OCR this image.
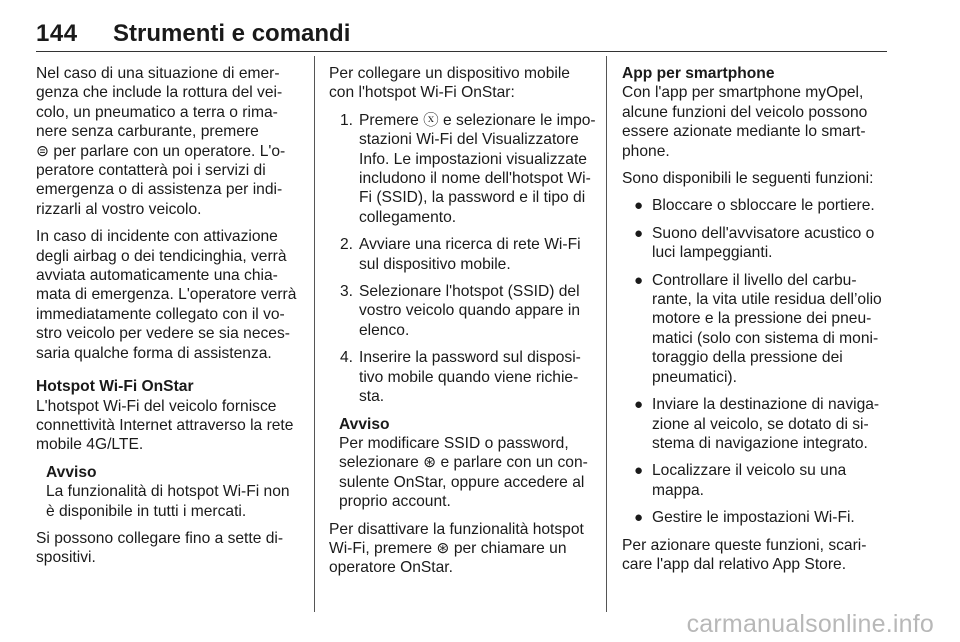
144 Strumenti e comandi
Nel caso di una situazione di emer‐
genza che include la rottura del vei‐
colo, un pneumatico a terra o rima‐
nere senza carburante, premere
⊜ per parlare con un operatore. L'o‐
peratore contatterà poi i servizi di
emergenza o di assistenza per indi‐
rizzarli al vostro veicolo.
In caso di incidente con attivazione
degli airbag o dei tendicinghia, verrà
avviata automaticamente una chia‐
mata di emergenza. L'operatore verrà
immediatamente collegato con il vo‐
stro veicolo per vedere se sia neces‐
saria qualche forma di assistenza.
Hotspot Wi-Fi OnStar
L'hotspot Wi-Fi del veicolo fornisce
connettività Internet attraverso la rete
mobile 4G/LTE.
Avviso
La funzionalità di hotspot Wi-Fi non
è disponibile in tutti i mercati.
Si possono collegare fino a sette di‐
spositivi.
Per collegare un dispositivo mobile
con l'hotspot Wi-Fi OnStar:
1. Premere ⓧ e selezionare le impo‐
stazioni Wi-Fi del Visualizzatore
Info. Le impostazioni visualizzate
includono il nome dell'hotspot Wi-
Fi (SSID), la password e il tipo di
collegamento.
2. Avviare una ricerca di rete Wi-Fi
sul dispositivo mobile.
3. Selezionare l'hotspot (SSID) del
vostro veicolo quando appare in
elenco.
4. Inserire la password sul disposi‐
tivo mobile quando viene richie‐
sta.
Avviso
Per modificare SSID o password,
selezionare ⊛ e parlare con un con‐
sulente OnStar, oppure accedere al
proprio account.
Per disattivare la funzionalità hotspot
Wi-Fi, premere ⊛ per chiamare un
operatore OnStar.
App per smartphone
Con l'app per smartphone myOpel,
alcune funzioni del veicolo possono
essere azionate mediante lo smart‐
phone.
Sono disponibili le seguenti funzioni:
● Bloccare o sbloccare le portiere.
● Suono dell'avvisatore acustico o
luci lampeggianti.
● Controllare il livello del carbu‐
rante, la vita utile residua dell’olio
motore e la pressione dei pneu‐
matici (solo con sistema di moni‐
toraggio della pressione dei
pneumatici).
● Inviare la destinazione di naviga‐
zione al veicolo, se dotato di si‐
stema di navigazione integrato.
● Localizzare il veicolo su una
mappa.
● Gestire le impostazioni Wi-Fi.
Per azionare queste funzioni, scari‐
care l'app dal relativo App Store.
carmanualsonline.info
